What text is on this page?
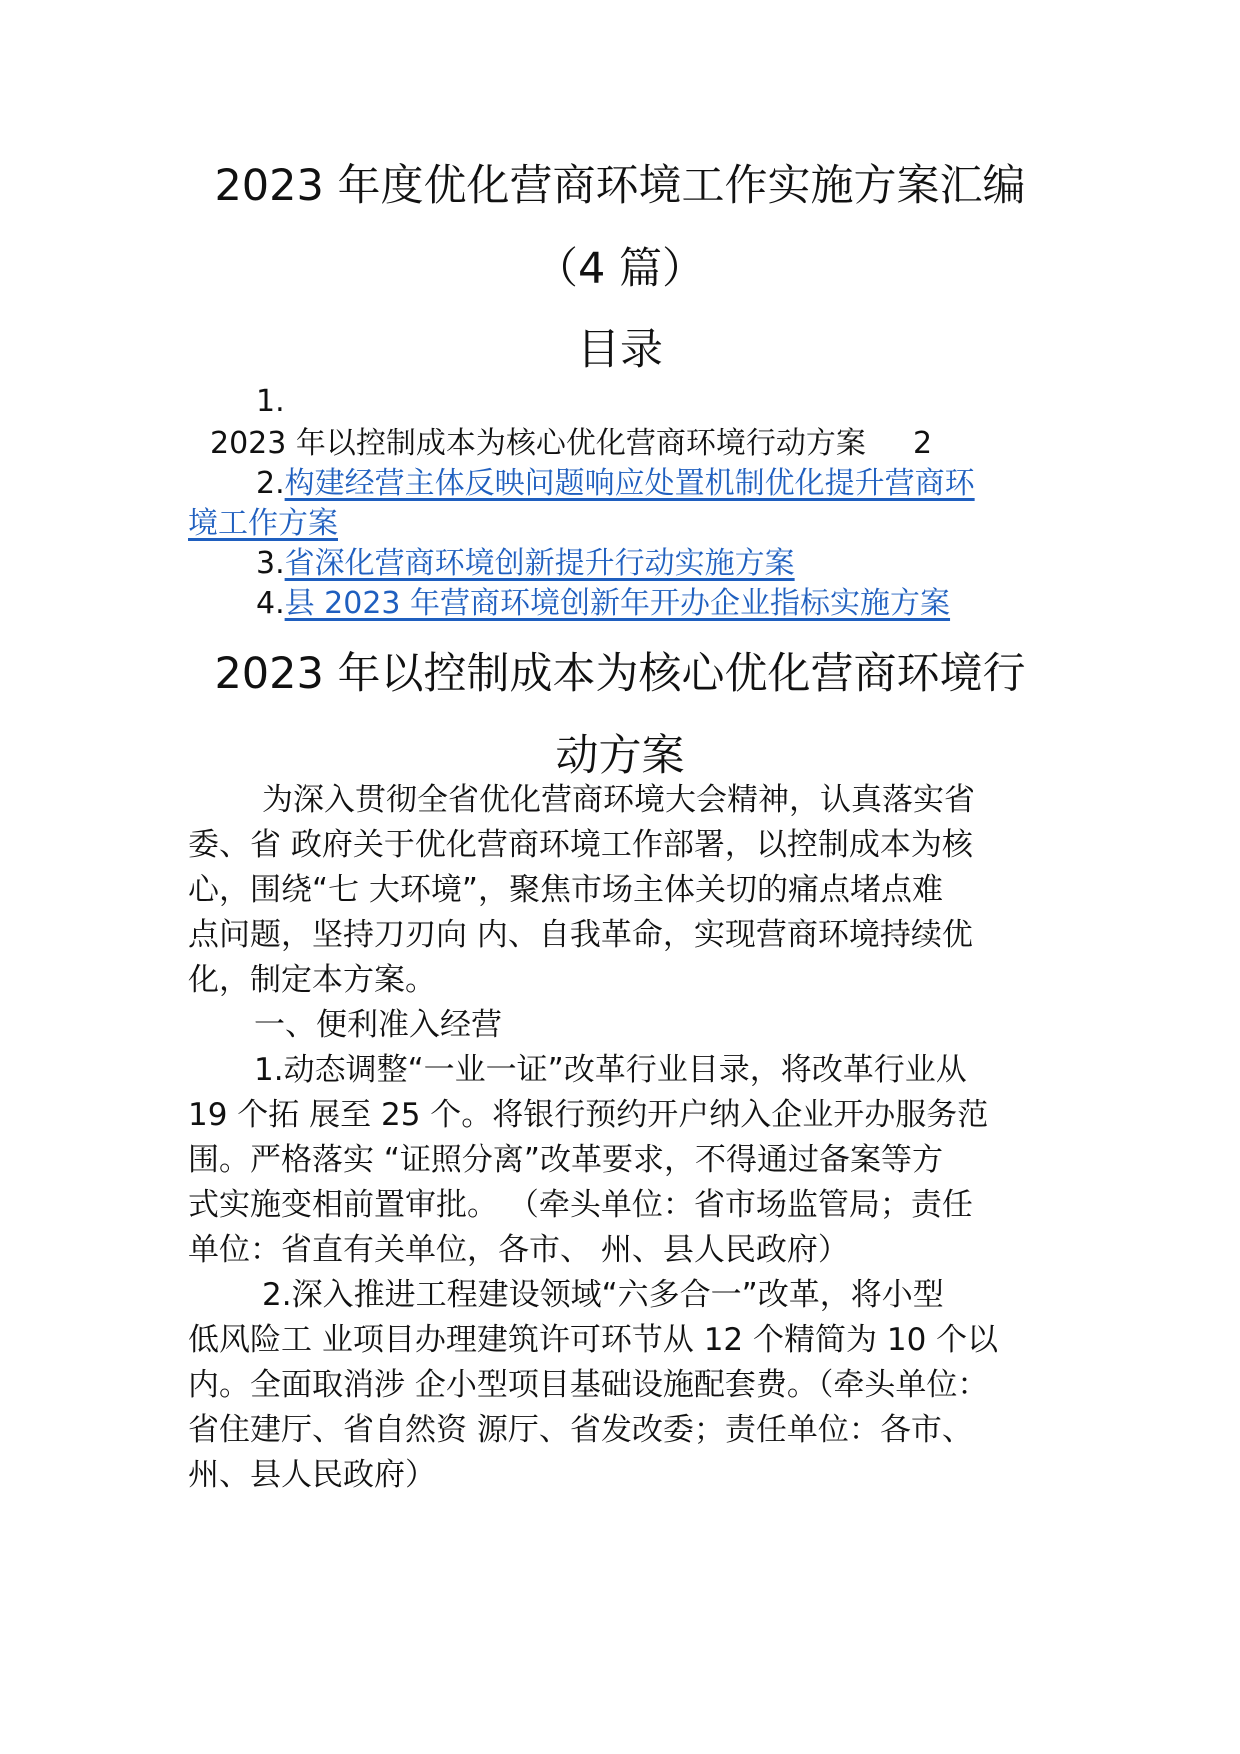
2023 年度优化营商环境工作实施方案汇编
（4 篇）
目录
1.
2023 年以控制成本为核心优化营商环境行动方案 2
2.构建经营主体反映问题响应处置机制优化提升营商环
境工作方案
3.省深化营商环境创新提升行动实施方案
4.县 2023 年营商环境创新年开办企业指标实施方案
2023 年以控制成本为核心优化营商环境行
动方案
为深入贯彻全省优化营商环境大会精神，认真落实省
委、省 政府关于优化营商环境工作部署，以控制成本为核
心，围绕“七 大环境”，聚焦市场主体关切的痛点堵点难
点问题，坚持刀刃向 内、自我革命，实现营商环境持续优
化，制定本方案。
一、便利准入经营
1.动态调整“一业一证”改革行业目录，将改革行业从
19 个拓 展至 25 个。将银行预约开户纳入企业开办服务范
围。严格落实 “证照分离”改革要求，不得通过备案等方
式实施变相前置审批。 （牵头单位：省市场监管局；责任
单位：省直有关单位，各市、 州、县人民政府）
2.深入推进工程建设领域“六多合一”改革，将小型
低风险工 业项目办理建筑许可环节从 12 个精简为 10 个以
内。全面取消涉 企小型项目基础设施配套费。（牵头单位：
省住建厅、省自然资 源厅、省发改委；责任单位：各市、
州、县人民政府）
